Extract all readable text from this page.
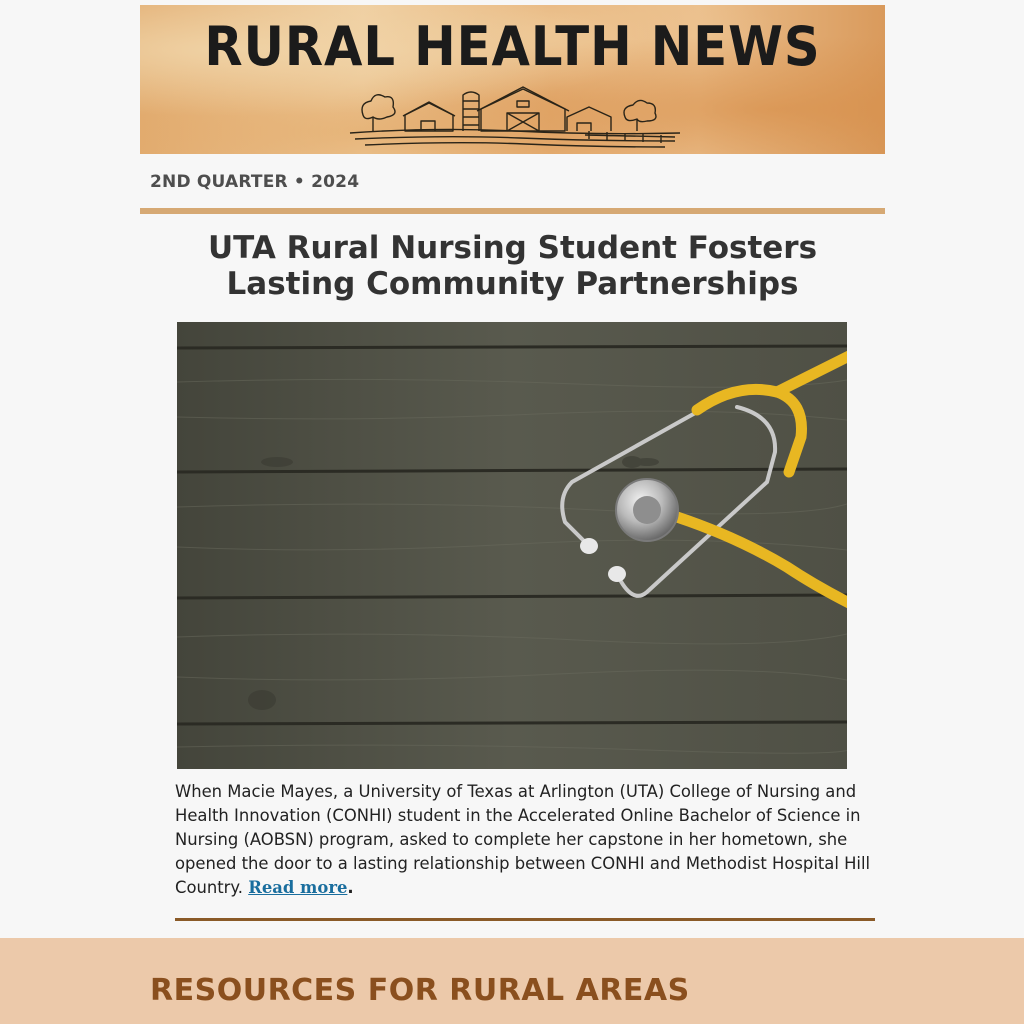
RURAL HEALTH NEWS
2ND QUARTER • 2024
UTA Rural Nursing Student Fosters Lasting Community Partnerships

When Macie Mayes, a University of Texas at Arlington (UTA) College of Nursing and Health Innovation (CONHI) student in the Accelerated Online Bachelor of Science in Nursing (AOBSN) program, asked to complete her capstone in her hometown, she opened the door to a lasting relationship between CONHI and Methodist Hospital Hill Country. Read more.

RESOURCES FOR RURAL AREAS
